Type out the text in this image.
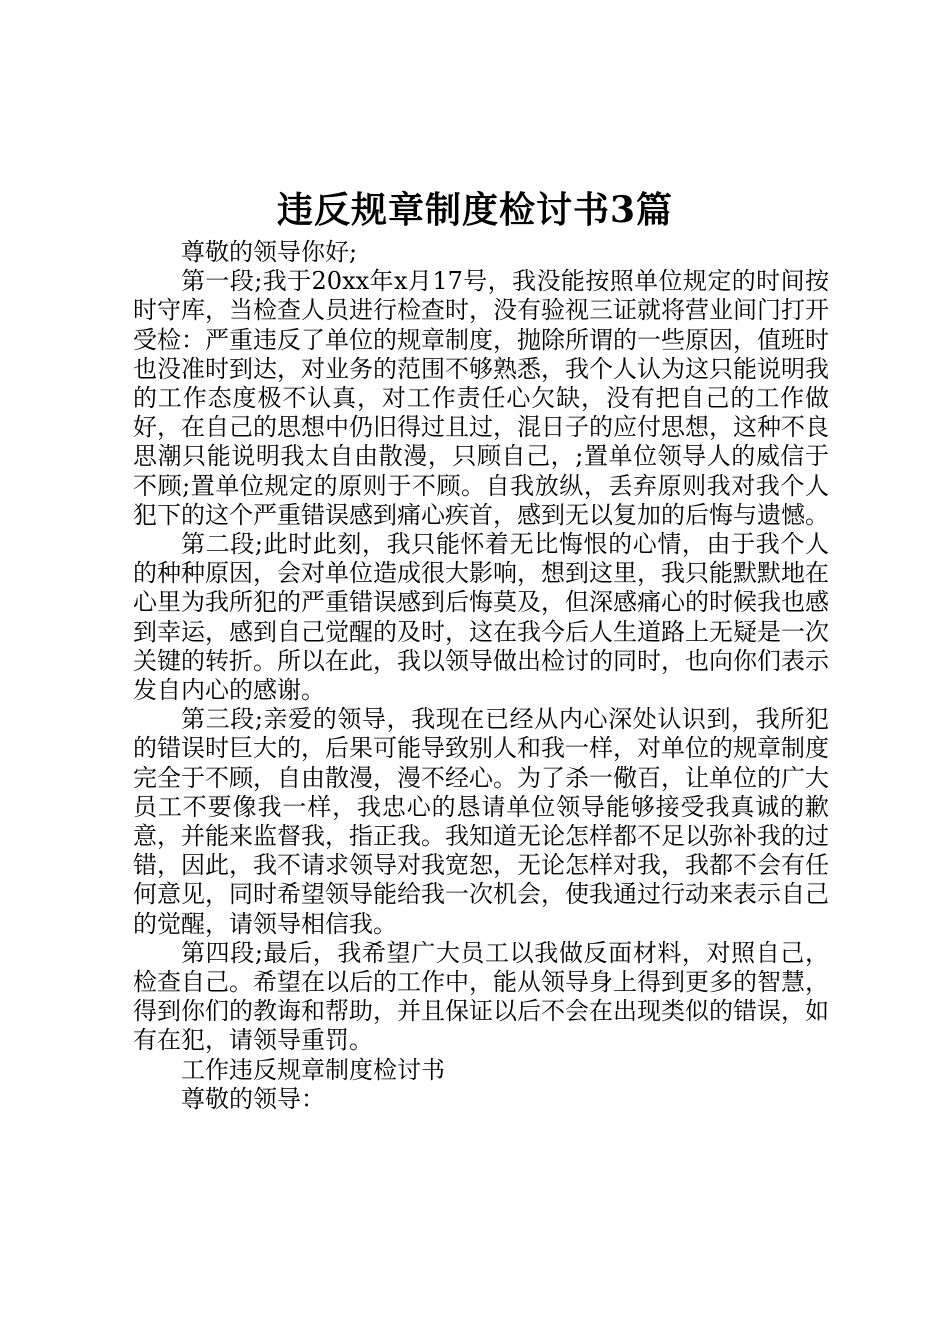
违反规章制度检讨书3篇

尊敬的领导你好;

第一段;我于20xx年x月17号，我没能按照单位规定的时间按时守库，当检查人员进行检查时，没有验视三证就将营业间门打开受检：严重违反了单位的规章制度，抛除所谓的一些原因，值班时也没准时到达，对业务的范围不够熟悉，我个人认为这只能说明我的工作态度极不认真，对工作责任心欠缺，没有把自己的工作做好，在自己的思想中仍旧得过且过，混日子的应付思想，这种不良思潮只能说明我太自由散漫，只顾自己，;置单位领导人的威信于不顾;置单位规定的原则于不顾。自我放纵，丢弃原则我对我个人犯下的这个严重错误感到痛心疾首，感到无以复加的后悔与遗憾。

第二段;此时此刻，我只能怀着无比悔恨的心情，由于我个人的种种原因，会对单位造成很大影响，想到这里，我只能默默地在心里为我所犯的严重错误感到后悔莫及，但深感痛心的时候我也感到幸运，感到自己觉醒的及时，这在我今后人生道路上无疑是一次关键的转折。所以在此，我以领导做出检讨的同时，也向你们表示发自内心的感谢。

第三段;亲爱的领导，我现在已经从内心深处认识到，我所犯的错误时巨大的，后果可能导致别人和我一样，对单位的规章制度完全于不顾，自由散漫，漫不经心。为了杀一儆百，让单位的广大员工不要像我一样，我忠心的恳请单位领导能够接受我真诚的歉意，并能来监督我，指正我。我知道无论怎样都不足以弥补我的过错，因此，我不请求领导对我宽恕，无论怎样对我，我都不会有任何意见，同时希望领导能给我一次机会，使我通过行动来表示自己的觉醒，请领导相信我。

第四段;最后，我希望广大员工以我做反面材料，对照自己，检查自己。希望在以后的工作中，能从领导身上得到更多的智慧，得到你们的教诲和帮助，并且保证以后不会在出现类似的错误，如有在犯，请领导重罚。

工作违反规章制度检讨书

尊敬的领导：
